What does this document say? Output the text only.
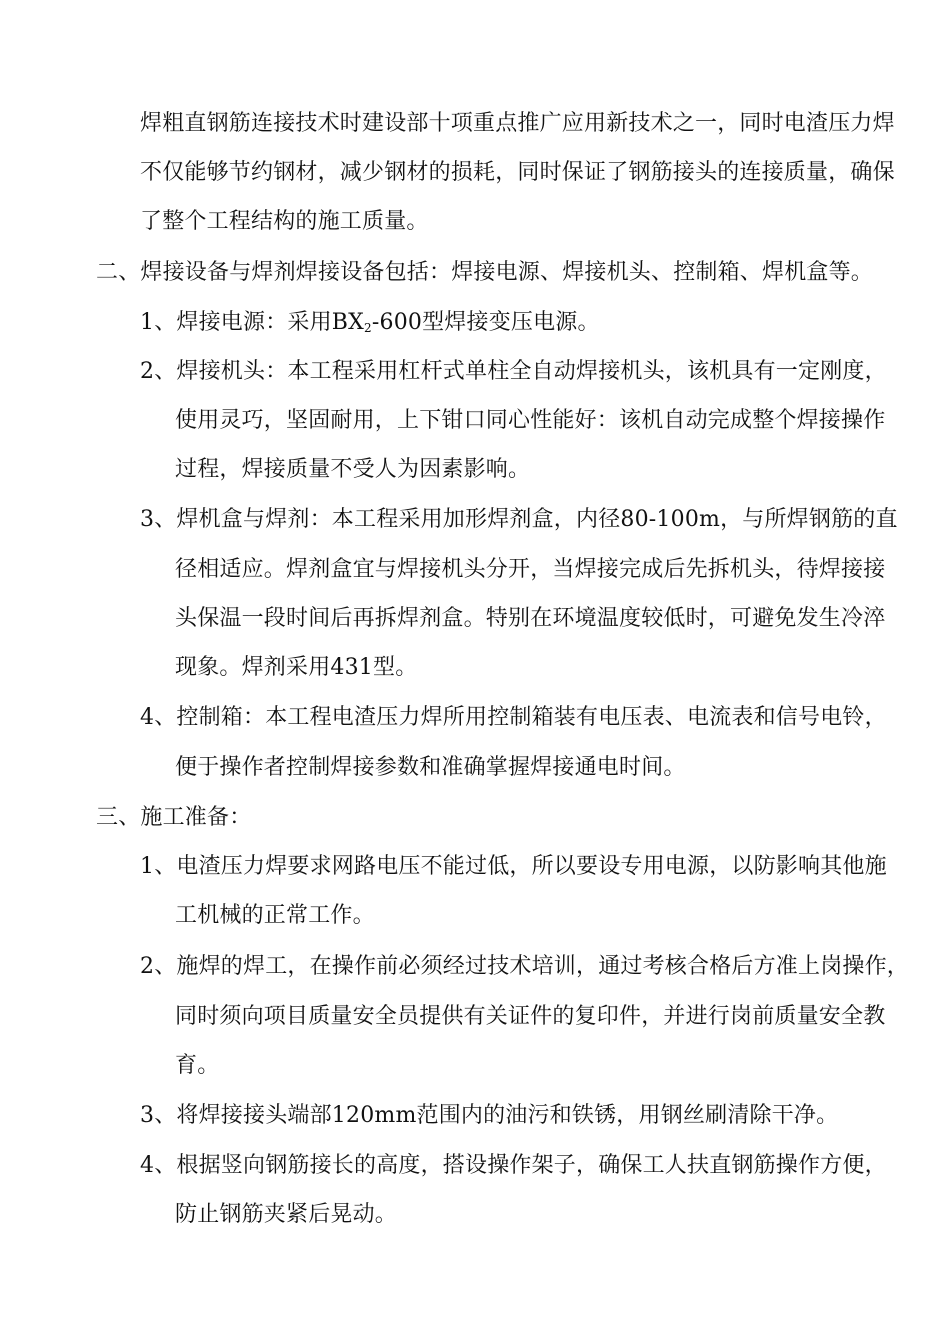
焊粗直钢筋连接技术时建设部十项重点推广应用新技术之一，同时电渣压力焊
不仅能够节约钢材，减少钢材的损耗，同时保证了钢筋接头的连接质量，确保
了整个工程结构的施工质量。
二、焊接设备与焊剂焊接设备包括：焊接电源、焊接机头、控制箱、焊机盒等。
1、焊接电源：采用$BX_2-600$型焊接变压电源。
2、焊接机头：本工程采用杠杆式单柱全自动焊接机头，该机具有一定刚度，
使用灵巧，坚固耐用，上下钳口同心性能好：该机自动完成整个焊接操作
过程，焊接质量不受人为因素影响。
3、焊机盒与焊剂：本工程采用加形焊剂盒，内径80-100m，与所焊钢筋的直
径相适应。焊剂盒宜与焊接机头分开，当焊接完成后先拆机头，待焊接接
头保温一段时间后再拆焊剂盒。特别在环境温度较低时，可避免发生冷淬
现象。焊剂采用431型。
4、控制箱：本工程电渣压力焊所用控制箱装有电压表、电流表和信号电铃，
便于操作者控制焊接参数和准确掌握焊接通电时间。
三、施工准备：
1、电渣压力焊要求网路电压不能过低，所以要设专用电源，以防影响其他施
工机械的正常工作。
2、施焊的焊工，在操作前必须经过技术培训，通过考核合格后方准上岗操作，
同时须向项目质量安全员提供有关证件的复印件，并进行岗前质量安全教
育。
3、将焊接接头端部120mm范围内的油污和铁锈，用钢丝刷清除干净。
4、根据竖向钢筋接长的高度，搭设操作架子，确保工人扶直钢筋操作方便，
防止钢筋夹紧后晃动。
